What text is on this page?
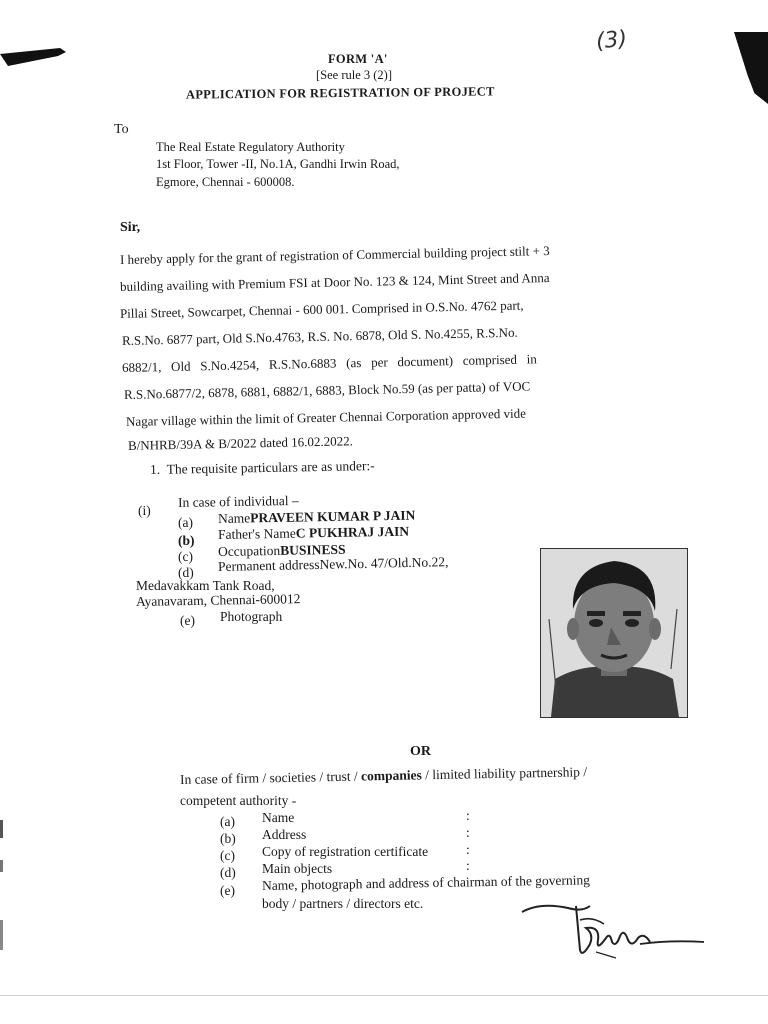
(3)
FORM 'A'
[See rule 3 (2)]
APPLICATION FOR REGISTRATION OF PROJECT
To
The Real Estate Regulatory Authority
1st Floor, Tower -II, No.1A, Gandhi Irwin Road,
Egmore, Chennai - 600008.
Sir,
I hereby apply for the grant of registration of Commercial building project stilt + 3
building availing with Premium FSI at Door No. 123 & 124, Mint Street and Anna
Pillai Street, Sowcarpet, Chennai - 600 001. Comprised in O.S.No. 4762 part,
R.S.No. 6877 part, Old S.No.4763, R.S. No. 6878, Old S. No.4255, R.S.No.
6882/1,   Old   S.No.4254,   R.S.No.6883   (as   per   document)   comprised   in
R.S.No.6877/2, 6878, 6881, 6882/1, 6883, Block No.59 (as per patta) of VOC
Nagar village within the limit of Greater Chennai Corporation approved vide
B/NHRB/39A & B/2022 dated 16.02.2022.
1.  The requisite particulars are as under:-
(i)
In case of individual –
(a) NamePRAVEEN KUMAR P JAIN
(b) Father's NameC PUKHRAJ JAIN
(c) OccupationBUSINESS
(d) Permanent addressNew.No. 47/Old.No.22,
Medavakkam Tank Road,
Ayanavaram, Chennai-600012
(e) Photograph
OR
In case of firm / societies / trust / companies / limited liability partnership /
competent authority -
(a) Name	:
(b) Address	:
(c) Copy of registration certificate	:
(d) Main objects	:
(e) Name, photograph and address of chairman of the governing
body / partners / directors etc.
